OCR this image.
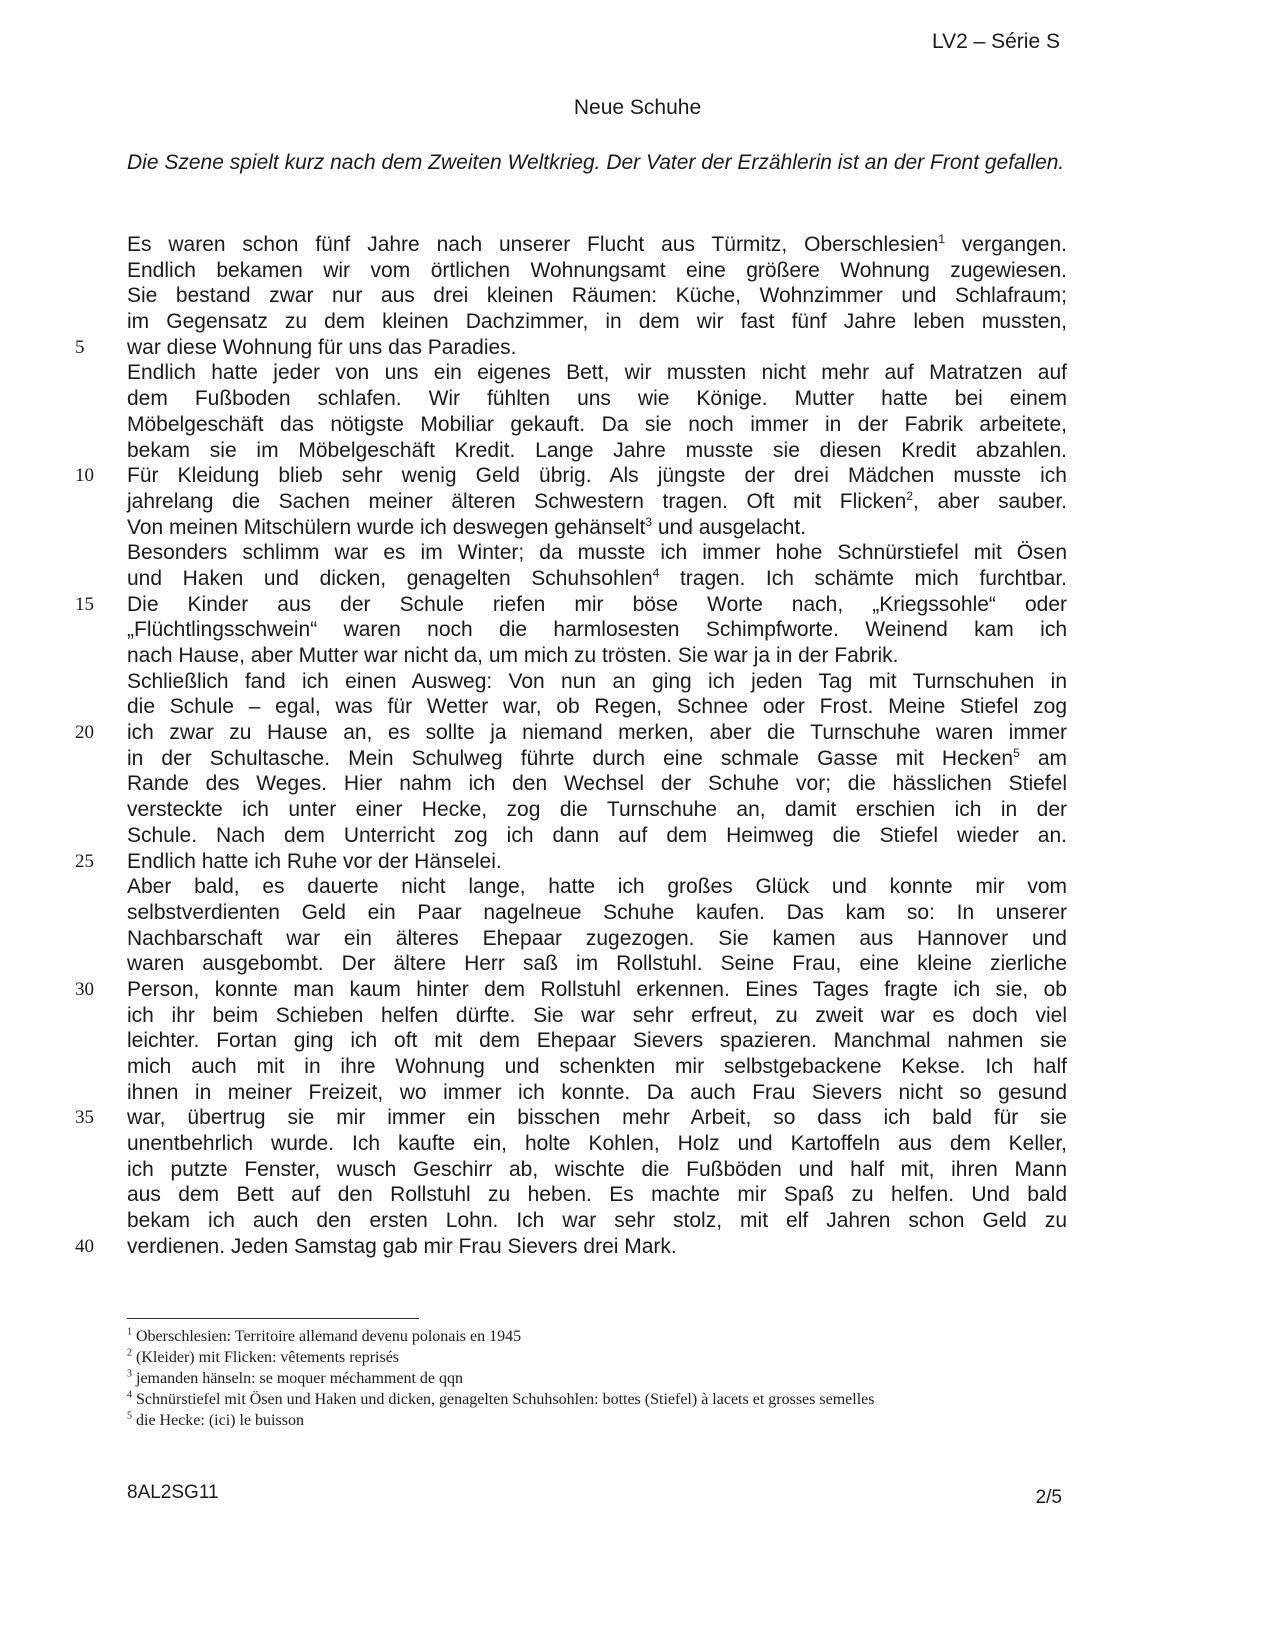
LV2 – Série S
Neue Schuhe
Die Szene spielt kurz nach dem Zweiten Weltkrieg. Der Vater der Erzählerin ist an der Front gefallen.
Es waren schon fünf Jahre nach unserer Flucht aus Türmitz, Oberschlesien$^1$ vergangen.
Endlich bekamen wir vom örtlichen Wohnungsamt eine größere Wohnung zugewiesen.
Sie bestand zwar nur aus drei kleinen Räumen: Küche, Wohnzimmer und Schlafraum;
im Gegensatz zu dem kleinen Dachzimmer, in dem wir fast fünf Jahre leben mussten,
war diese Wohnung für uns das Paradies.
5
Endlich hatte jeder von uns ein eigenes Bett, wir mussten nicht mehr auf Matratzen auf
dem Fußboden schlafen. Wir fühlten uns wie Könige. Mutter hatte bei einem
Möbelgeschäft das nötigste Mobiliar gekauft. Da sie noch immer in der Fabrik arbeitete,
bekam sie im Möbelgeschäft Kredit. Lange Jahre musste sie diesen Kredit abzahlen.
Für Kleidung blieb sehr wenig Geld übrig. Als jüngste der drei Mädchen musste ich
10
jahrelang die Sachen meiner älteren Schwestern tragen. Oft mit Flicken$^2$, aber sauber.
Von meinen Mitschülern wurde ich deswegen gehänselt$^3$ und ausgelacht.
Besonders schlimm war es im Winter; da musste ich immer hohe Schnürstiefel mit Ösen
und Haken und dicken, genagelten Schuhsohlen$^4$ tragen. Ich schämte mich furchtbar.
Die Kinder aus der Schule riefen mir böse Worte nach, „Kriegssohle“ oder
15
„Flüchtlingsschwein“ waren noch die harmlosesten Schimpfworte. Weinend kam ich
nach Hause, aber Mutter war nicht da, um mich zu trösten. Sie war ja in der Fabrik.
Schließlich fand ich einen Ausweg: Von nun an ging ich jeden Tag mit Turnschuhen in
die Schule – egal, was für Wetter war, ob Regen, Schnee oder Frost. Meine Stiefel zog
ich zwar zu Hause an, es sollte ja niemand merken, aber die Turnschuhe waren immer
20
in der Schultasche. Mein Schulweg führte durch eine schmale Gasse mit Hecken$^5$ am
Rande des Weges. Hier nahm ich den Wechsel der Schuhe vor; die hässlichen Stiefel
versteckte ich unter einer Hecke, zog die Turnschuhe an, damit erschien ich in der
Schule. Nach dem Unterricht zog ich dann auf dem Heimweg die Stiefel wieder an.
Endlich hatte ich Ruhe vor der Hänselei.
25
Aber bald, es dauerte nicht lange, hatte ich großes Glück und konnte mir vom
selbstverdienten Geld ein Paar nagelneue Schuhe kaufen. Das kam so: In unserer
Nachbarschaft war ein älteres Ehepaar zugezogen. Sie kamen aus Hannover und
waren ausgebombt. Der ältere Herr saß im Rollstuhl. Seine Frau, eine kleine zierliche
Person, konnte man kaum hinter dem Rollstuhl erkennen. Eines Tages fragte ich sie, ob
30
ich ihr beim Schieben helfen dürfte. Sie war sehr erfreut, zu zweit war es doch viel
leichter. Fortan ging ich oft mit dem Ehepaar Sievers spazieren. Manchmal nahmen sie
mich auch mit in ihre Wohnung und schenkten mir selbstgebackene Kekse. Ich half
ihnen in meiner Freizeit, wo immer ich konnte. Da auch Frau Sievers nicht so gesund
war, übertrug sie mir immer ein bisschen mehr Arbeit, so dass ich bald für sie
35
unentbehrlich wurde. Ich kaufte ein, holte Kohlen, Holz und Kartoffeln aus dem Keller,
ich putzte Fenster, wusch Geschirr ab, wischte die Fußböden und half mit, ihren Mann
aus dem Bett auf den Rollstuhl zu heben. Es machte mir Spaß zu helfen. Und bald
bekam ich auch den ersten Lohn. Ich war sehr stolz, mit elf Jahren schon Geld zu
verdienen. Jeden Samstag gab mir Frau Sievers drei Mark.
40
$^1$ Oberschlesien: Territoire allemand devenu polonais en 1945
$^2$ (Kleider) mit Flicken: vêtements reprisés
$^3$ jemanden hänseln: se moquer méchamment de qqn
$^4$ Schnürstiefel mit Ösen und Haken und dicken, genagelten Schuhsohlen: bottes (Stiefel) à lacets et grosses semelles
$^5$ die Hecke: (ici) le buisson
8AL2SG11	2/5
